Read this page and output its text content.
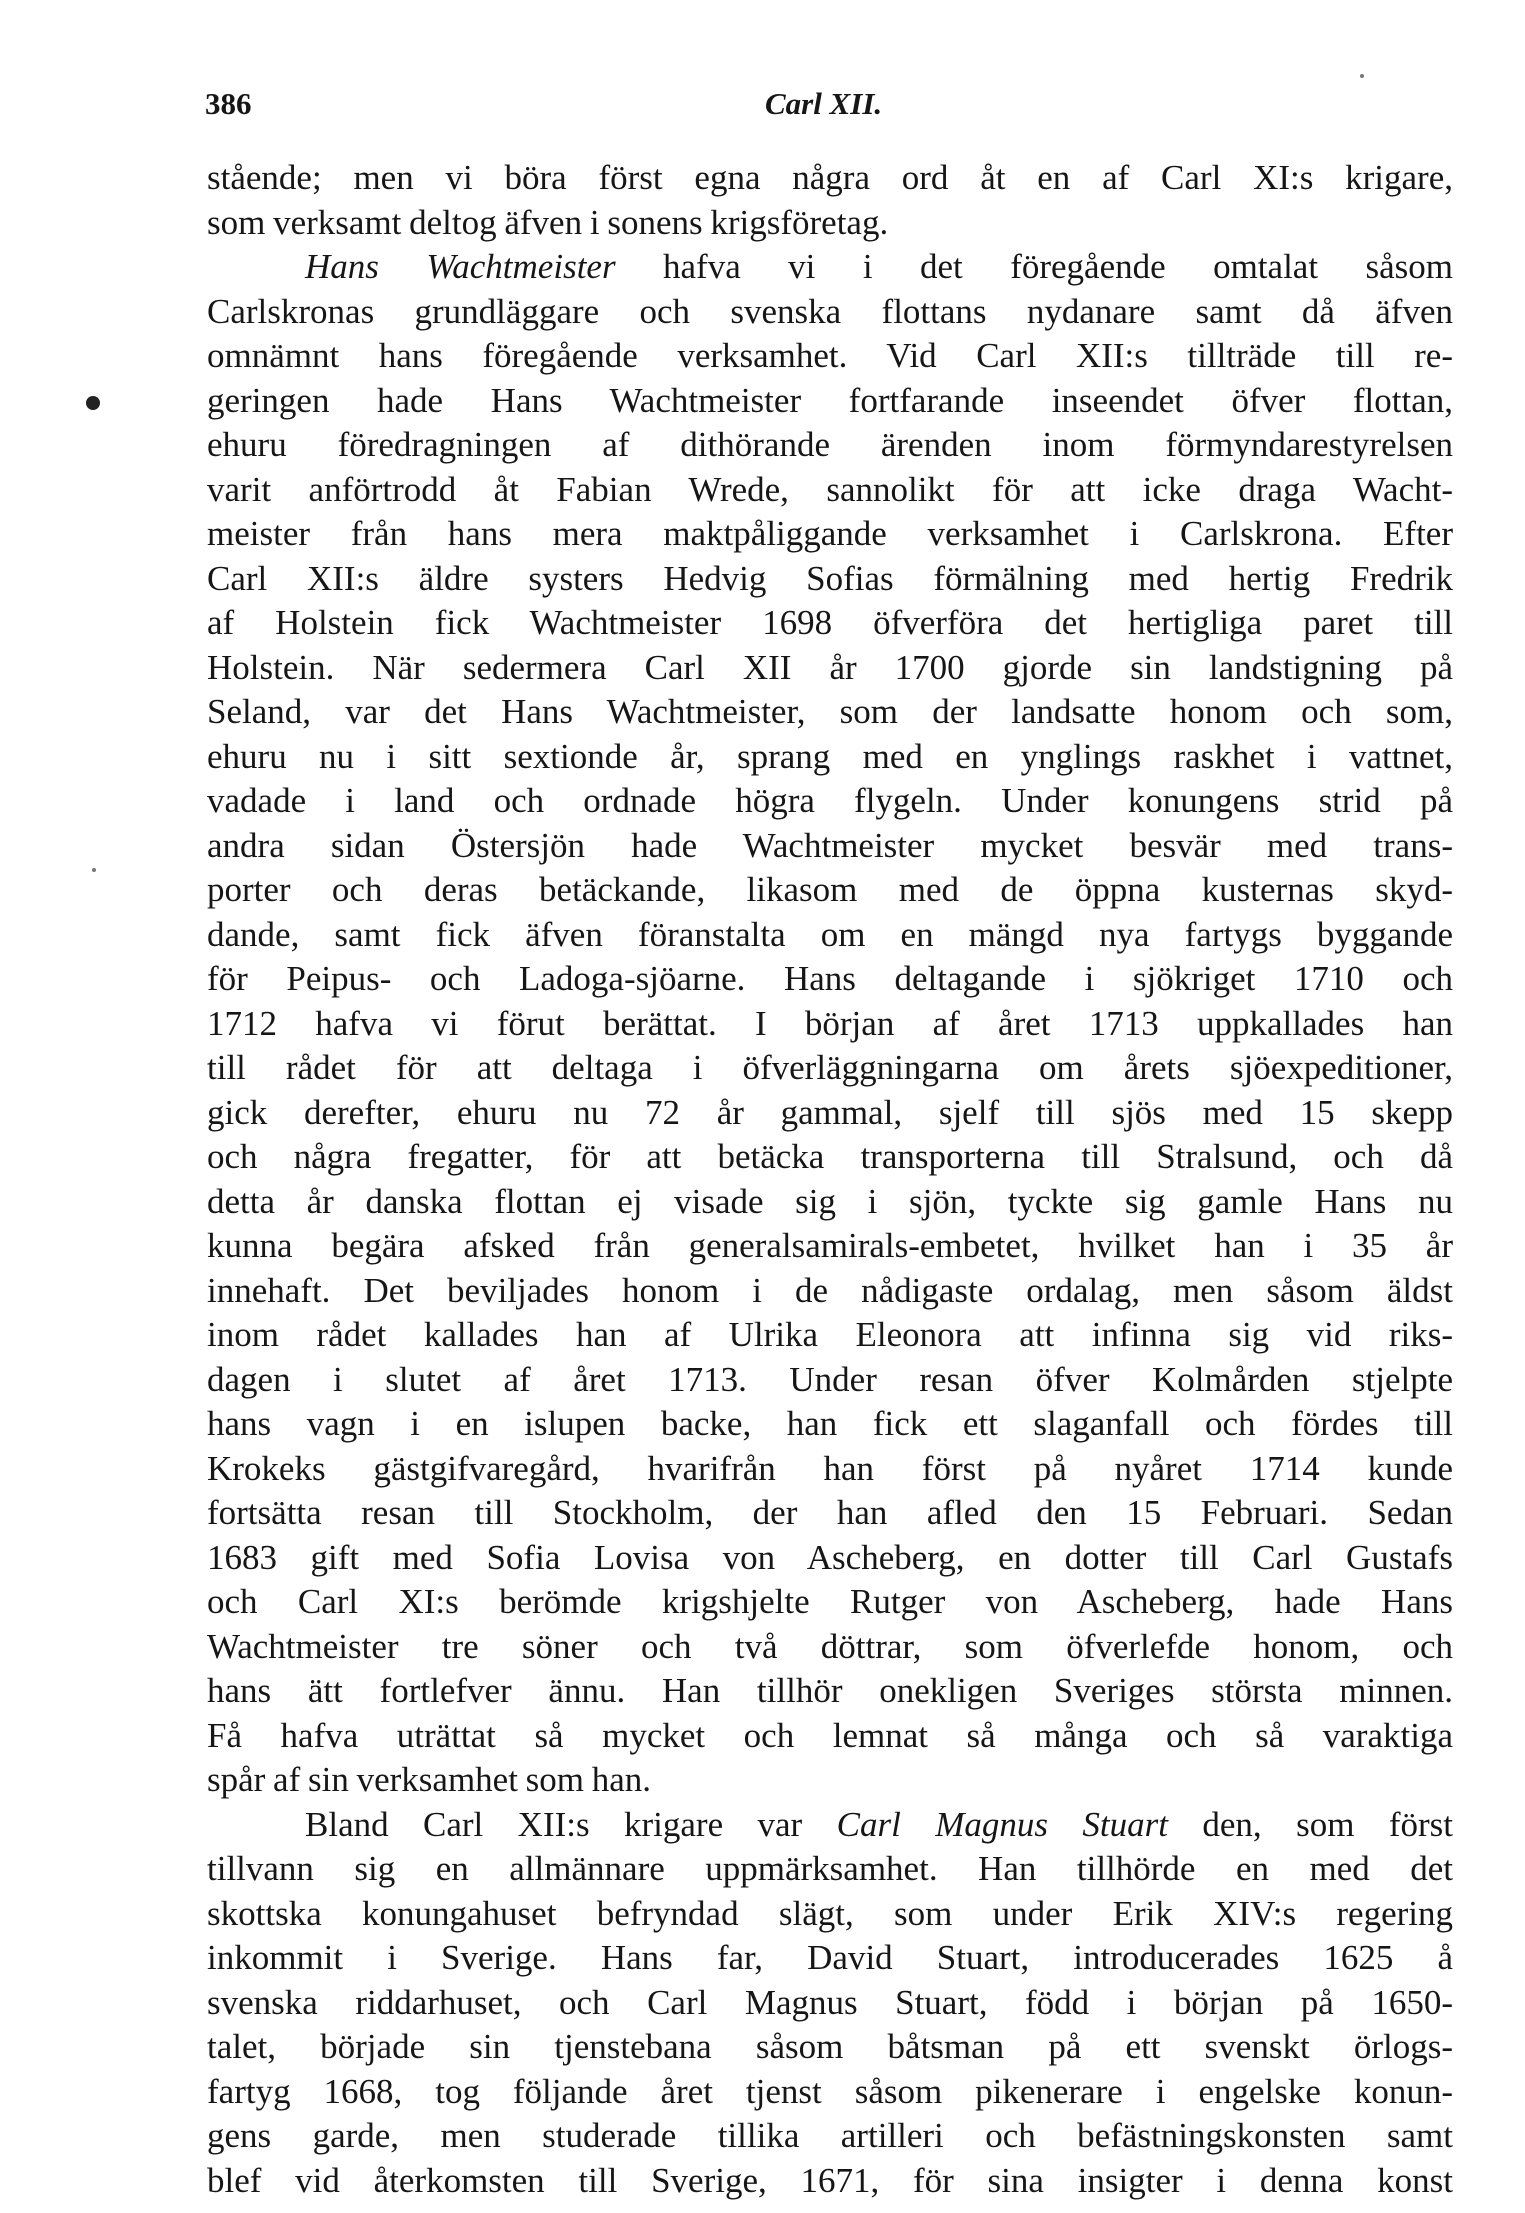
386	Carl XII.
stående; men vi böra först egna några ord åt en af Carl XI:s krigare,
som verksamt deltog äfven i sonens krigsföretag.
Hans Wachtmeister hafva vi i det föregående omtalat såsom
Carlskronas grundläggare och svenska flottans nydanare samt då äfven
omnämnt hans föregående verksamhet. Vid Carl XII:s tillträde till re-
geringen hade Hans Wachtmeister fortfarande inseendet öfver flottan,
ehuru föredragningen af dithörande ärenden inom förmyndarestyrelsen
varit anförtrodd åt Fabian Wrede, sannolikt för att icke draga Wacht-
meister från hans mera maktpåliggande verksamhet i Carlskrona. Efter
Carl XII:s äldre systers Hedvig Sofias förmälning med hertig Fredrik
af Holstein fick Wachtmeister 1698 öfverföra det hertigliga paret till
Holstein. När sedermera Carl XII år 1700 gjorde sin landstigning på
Seland, var det Hans Wachtmeister, som der landsatte honom och som,
ehuru nu i sitt sextionde år, sprang med en ynglings raskhet i vattnet,
vadade i land och ordnade högra flygeln. Under konungens strid på
andra sidan Östersjön hade Wachtmeister mycket besvär med trans-
porter och deras betäckande, likasom med de öppna kusternas skyd-
dande, samt fick äfven föranstalta om en mängd nya fartygs byggande
för Peipus- och Ladoga-sjöarne. Hans deltagande i sjökriget 1710 och
1712 hafva vi förut berättat. I början af året 1713 uppkallades han
till rådet för att deltaga i öfverläggningarna om årets sjöexpeditioner,
gick derefter, ehuru nu 72 år gammal, sjelf till sjös med 15 skepp
och några fregatter, för att betäcka transporterna till Stralsund, och då
detta år danska flottan ej visade sig i sjön, tyckte sig gamle Hans nu
kunna begära afsked från generalsamirals-embetet, hvilket han i 35 år
innehaft. Det beviljades honom i de nådigaste ordalag, men såsom äldst
inom rådet kallades han af Ulrika Eleonora att infinna sig vid riks-
dagen i slutet af året 1713. Under resan öfver Kolmården stjelpte
hans vagn i en islupen backe, han fick ett slaganfall och fördes till
Krokeks gästgifvaregård, hvarifrån han först på nyåret 1714 kunde
fortsätta resan till Stockholm, der han afled den 15 Februari. Sedan
1683 gift med Sofia Lovisa von Ascheberg, en dotter till Carl Gustafs
och Carl XI:s berömde krigshjelte Rutger von Ascheberg, hade Hans
Wachtmeister tre söner och två döttrar, som öfverlefde honom, och
hans ätt fortlefver ännu. Han tillhör onekligen Sveriges största minnen.
Få hafva uträttat så mycket och lemnat så många och så varaktiga
spår af sin verksamhet som han.
Bland Carl XII:s krigare var Carl Magnus Stuart den, som först
tillvann sig en allmännare uppmärksamhet. Han tillhörde en med det
skottska konungahuset befryndad slägt, som under Erik XIV:s regering
inkommit i Sverige. Hans far, David Stuart, introducerades 1625 å
svenska riddarhuset, och Carl Magnus Stuart, född i början på 1650-
talet, började sin tjenstebana såsom båtsman på ett svenskt örlogs-
fartyg 1668, tog följande året tjenst såsom pikenerare i engelske konun-
gens garde, men studerade tillika artilleri och befästningskonsten samt
blef vid återkomsten till Sverige, 1671, för sina insigter i denna konst
